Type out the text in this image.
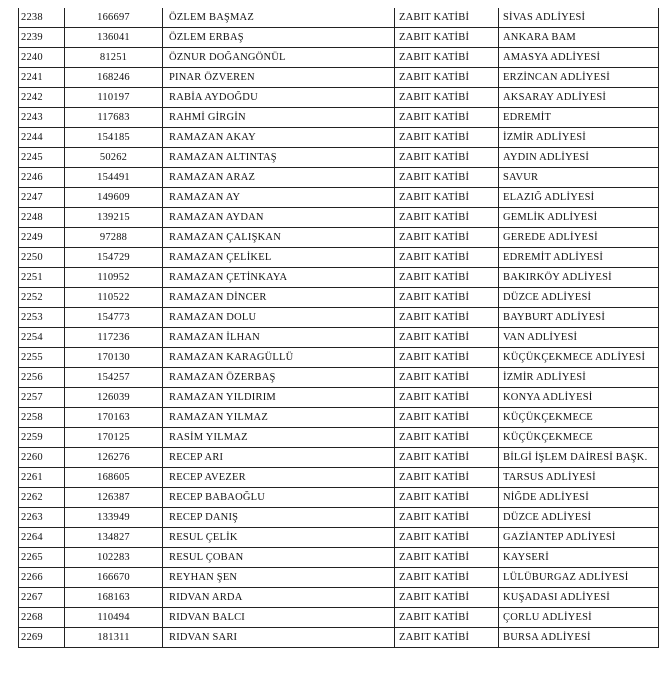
2238	166697	ÖZLEM BAŞMAZ	ZABIT KATİBİ	SİVAS ADLİYESİ
2239	136041	ÖZLEM ERBAŞ	ZABIT KATİBİ	ANKARA BAM
2240	81251	ÖZNUR DOĞANGÖNÜL	ZABIT KATİBİ	AMASYA ADLİYESİ
2241	168246	PINAR ÖZVEREN	ZABIT KATİBİ	ERZİNCAN ADLİYESİ
2242	110197	RABİA AYDOĞDU	ZABIT KATİBİ	AKSARAY ADLİYESİ
2243	117683	RAHMİ GİRGİN	ZABIT KATİBİ	EDREMİT
2244	154185	RAMAZAN AKAY	ZABIT KATİBİ	İZMİR ADLİYESİ
2245	50262	RAMAZAN ALTINTAŞ	ZABIT KATİBİ	AYDIN ADLİYESİ
2246	154491	RAMAZAN ARAZ	ZABIT KATİBİ	SAVUR
2247	149609	RAMAZAN AY	ZABIT KATİBİ	ELAZIĞ ADLİYESİ
2248	139215	RAMAZAN AYDAN	ZABIT KATİBİ	GEMLİK ADLİYESİ
2249	97288	RAMAZAN ÇALIŞKAN	ZABIT KATİBİ	GEREDE ADLİYESİ
2250	154729	RAMAZAN ÇELİKEL	ZABIT KATİBİ	EDREMİT ADLİYESİ
2251	110952	RAMAZAN ÇETİNKAYA	ZABIT KATİBİ	BAKIRKÖY ADLİYESİ
2252	110522	RAMAZAN DİNCER	ZABIT KATİBİ	DÜZCE ADLİYESİ
2253	154773	RAMAZAN DOLU	ZABIT KATİBİ	BAYBURT ADLİYESİ
2254	117236	RAMAZAN İLHAN	ZABIT KATİBİ	VAN ADLİYESİ
2255	170130	RAMAZAN KARAGÜLLÜ	ZABIT KATİBİ	KÜÇÜKÇEKMECE ADLİYESİ
2256	154257	RAMAZAN ÖZERBAŞ	ZABIT KATİBİ	İZMİR ADLİYESİ
2257	126039	RAMAZAN YILDIRIM	ZABIT KATİBİ	KONYA ADLİYESİ
2258	170163	RAMAZAN YILMAZ	ZABIT KATİBİ	KÜÇÜKÇEKMECE
2259	170125	RASİM YILMAZ	ZABIT KATİBİ	KÜÇÜKÇEKMECE
2260	126276	RECEP ARI	ZABIT KATİBİ	BİLGİ İŞLEM DAİRESİ BAŞK.
2261	168605	RECEP AVEZER	ZABIT KATİBİ	TARSUS ADLİYESİ
2262	126387	RECEP BABAOĞLU	ZABIT KATİBİ	NİĞDE ADLİYESİ
2263	133949	RECEP DANIŞ	ZABIT KATİBİ	DÜZCE ADLİYESİ
2264	134827	RESUL ÇELİK	ZABIT KATİBİ	GAZİANTEP ADLİYESİ
2265	102283	RESUL ÇOBAN	ZABIT KATİBİ	KAYSERİ
2266	166670	REYHAN ŞEN	ZABIT KATİBİ	LÜLÜBURGAZ ADLİYESİ
2267	168163	RIDVAN ARDA	ZABIT KATİBİ	KUŞADASI ADLİYESİ
2268	110494	RIDVAN BALCI	ZABIT KATİBİ	ÇORLU ADLİYESİ
2269	181311	RIDVAN SARI	ZABIT KATİBİ	BURSA ADLİYESİ
